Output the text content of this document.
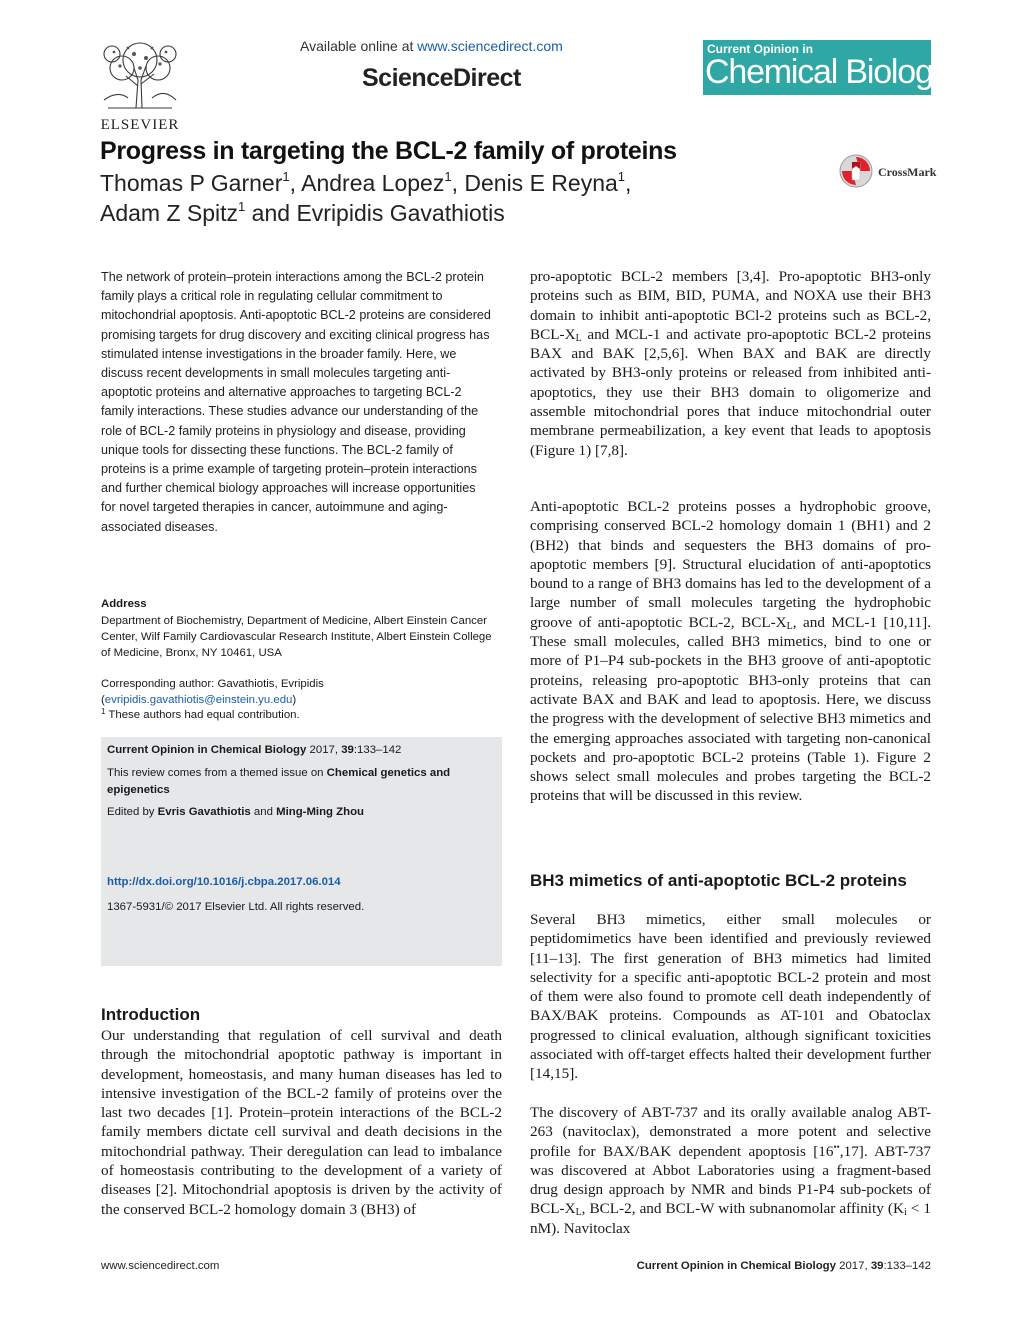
ELSEVIER
Available online at www.sciencedirect.com
ScienceDirect
Current Opinion in
Chemical Biology
Progress in targeting the BCL-2 family of proteins
Thomas P Garner$^1$, Andrea Lopez$^1$, Denis E Reyna$^1$,
Adam Z Spitz$^1$ and Evripidis Gavathiotis
CrossMark
The network of protein–protein interactions among the BCL-2 protein family plays a critical role in regulating cellular commitment to mitochondrial apoptosis. Anti-apoptotic BCL-2 proteins are considered promising targets for drug discovery and exciting clinical progress has stimulated intense investigations in the broader family. Here, we discuss recent developments in small molecules targeting anti-apoptotic proteins and alternative approaches to targeting BCL-2 family interactions. These studies advance our understanding of the role of BCL-2 family proteins in physiology and disease, providing unique tools for dissecting these functions. The BCL-2 family of proteins is a prime example of targeting protein–protein interactions and further chemical biology approaches will increase opportunities for novel targeted therapies in cancer, autoimmune and aging-associated diseases.
Address
Department of Biochemistry, Department of Medicine, Albert Einstein Cancer Center, Wilf Family Cardiovascular Research Institute, Albert Einstein College of Medicine, Bronx, NY 10461, USA
Corresponding author: Gavathiotis, Evripidis (evripidis.gavathiotis@einstein.yu.edu)
$^1$ These authors had equal contribution.
Current Opinion in Chemical Biology 2017, 39:133–142
This review comes from a themed issue on Chemical genetics and epigenetics
Edited by Evris Gavathiotis and Ming-Ming Zhou
http://dx.doi.org/10.1016/j.cbpa.2017.06.014
1367-5931/© 2017 Elsevier Ltd. All rights reserved.
Introduction
Our understanding that regulation of cell survival and death through the mitochondrial apoptotic pathway is important in development, homeostasis, and many human diseases has led to intensive investigation of the BCL-2 family of proteins over the last two decades [1]. Protein–protein interactions of the BCL-2 family members dictate cell survival and death decisions in the mitochondrial pathway. Their deregulation can lead to imbalance of homeostasis contributing to the development of a variety of diseases [2]. Mitochondrial apoptosis is driven by the activity of the conserved BCL-2 homology domain 3 (BH3) of
pro-apoptotic BCL-2 members [3,4]. Pro-apoptotic BH3-only proteins such as BIM, BID, PUMA, and NOXA use their BH3 domain to inhibit anti-apoptotic BCl-2 proteins such as BCL-2, BCL-$X_L$ and MCL-1 and activate pro-apoptotic BCL-2 proteins BAX and BAK [2,5,6]. When BAX and BAK are directly activated by BH3-only proteins or released from inhibited anti-apoptotics, they use their BH3 domain to oligomerize and assemble mitochondrial pores that induce mitochondrial outer membrane permeabilization, a key event that leads to apoptosis (Figure 1) [7,8].
Anti-apoptotic BCL-2 proteins posses a hydrophobic groove, comprising conserved BCL-2 homology domain 1 (BH1) and 2 (BH2) that binds and sequesters the BH3 domains of pro-apoptotic members [9]. Structural elucidation of anti-apoptotics bound to a range of BH3 domains has led to the development of a large number of small molecules targeting the hydrophobic groove of anti-apoptotic BCL-2, BCL-$X_L$, and MCL-1 [10,11]. These small molecules, called BH3 mimetics, bind to one or more of P1–P4 sub-pockets in the BH3 groove of anti-apoptotic proteins, releasing pro-apoptotic BH3-only proteins that can activate BAX and BAK and lead to apoptosis. Here, we discuss the progress with the development of selective BH3 mimetics and the emerging approaches associated with targeting non-canonical pockets and pro-apoptotic BCL-2 proteins (Table 1). Figure 2 shows select small molecules and probes targeting the BCL-2 proteins that will be discussed in this review.
BH3 mimetics of anti-apoptotic BCL-2 proteins
Several BH3 mimetics, either small molecules or peptidomimetics have been identified and previously reviewed [11–13]. The first generation of BH3 mimetics had limited selectivity for a specific anti-apoptotic BCL-2 protein and most of them were also found to promote cell death independently of BAX/BAK proteins. Compounds as AT-101 and Obatoclax progressed to clinical evaluation, although significant toxicities associated with off-target effects halted their development further [14,15].
The discovery of ABT-737 and its orally available analog ABT-263 (navitoclax), demonstrated a more potent and selective profile for BAX/BAK dependent apoptosis [16••,17]. ABT-737 was discovered at Abbot Laboratories using a fragment-based drug design approach by NMR and binds P1-P4 sub-pockets of BCL-$X_L$, BCL-2, and BCL-W with subnanomolar affinity ($K_i < 1$ nM). Navitoclax
www.sciencedirect.com	Current Opinion in Chemical Biology 2017, 39:133–142
